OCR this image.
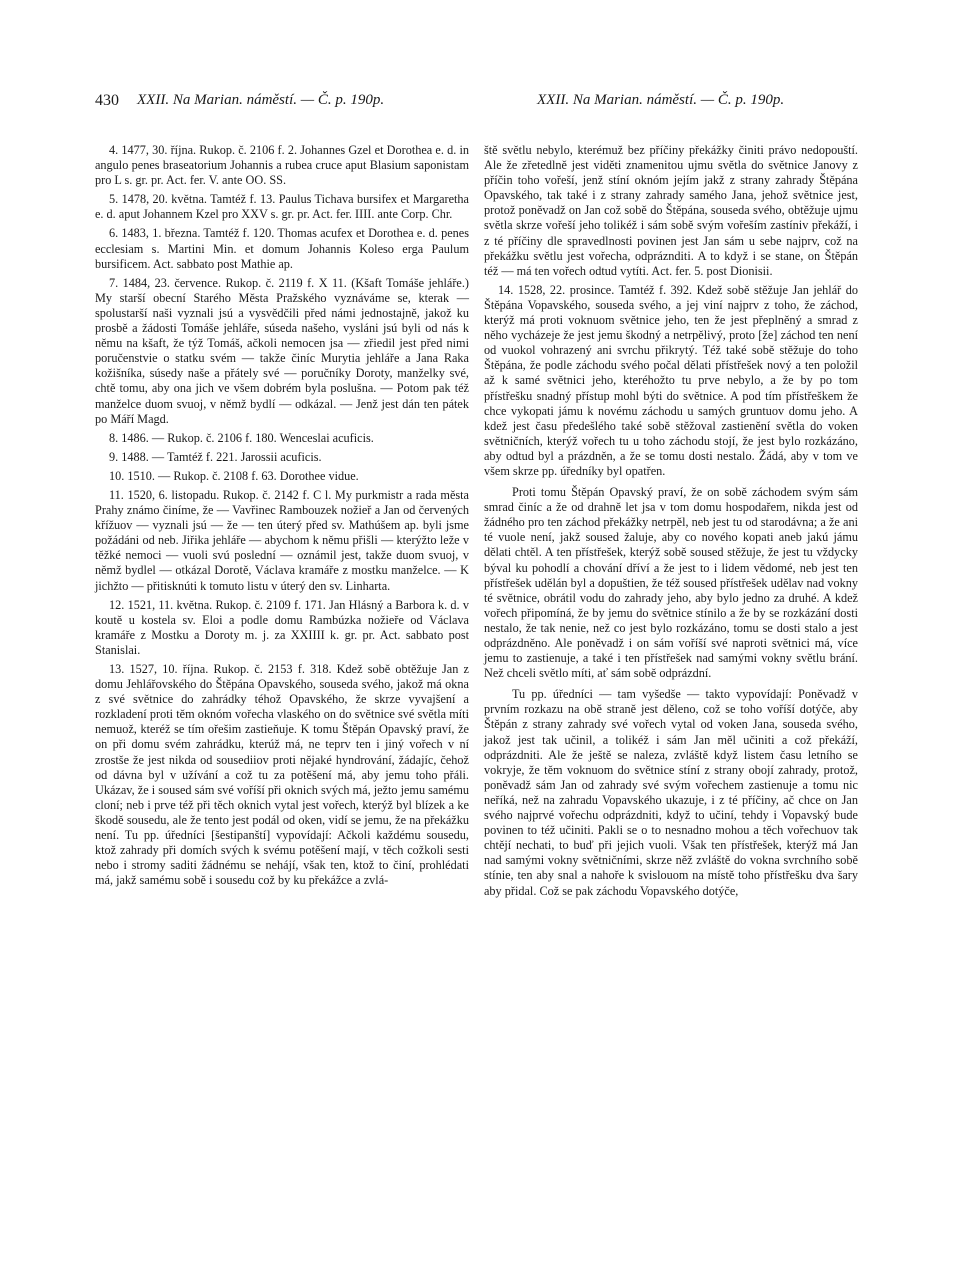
430 XXII. Na Marian. náměstí. — Č. p. 190p.	XXII. Na Marian. náměstí. — Č. p. 190p.

4. 1477, 30. října. Rukop. č. 2106 f. 2. Johannes Gzel et Dorothea e. d. in angulo penes braseatorium Johannis a rubea cruce aput Blasium saponistam pro L s. gr. pr. Act. fer. V. ante OO. SS.

5. 1478, 20. května. Tamtéž f. 13. Paulus Tichava bursifex et Margaretha e. d. aput Johannem Kzel pro XXV s. gr. pr. Act. fer. IIII. ante Corp. Chr.

6. 1483, 1. března. Tamtéž f. 120. Thomas acufex et Dorothea e. d. penes ecclesiam s. Martini Min. et domum Johannis Koleso erga Paulum bursificem. Act. sabbato post Mathie ap.

7. 1484, 23. července. Rukop. č. 2119 f. X 11. (Kšaft Tomáše jehláře.) My starší obecní Starého Města Pražského vyznáváme se, kterak — spolustarší naši vyznali jsú a vysvědčili před námi jednostajně, jakož ku prosbě a žádosti Tomáše jehláře, súseda našeho, vysláni jsú byli od nás k němu na kšaft, že týž Tomáš, ačkoli nemocen jsa — zřiedil jest před nimi poručenstvie o statku svém — takže činíc Murytia jehláře a Jana Raka kožišníka, súsedy naše a přátely své — poručníky Doroty, manželky své, chtě tomu, aby ona jich ve všem dobrém byla poslušna. — Potom pak též manželce duom svuoj, v němž bydlí — odkázal. — Jenž jest dán ten pátek po Máří Magd.

8. 1486. — Rukop. č. 2106 f. 180. Wenceslai acuficis.

9. 1488. — Tamtéž f. 221. Jarossii acuficis.

10. 1510. — Rukop. č. 2108 f. 63. Dorothee vidue.

11. 1520, 6. listopadu. Rukop. č. 2142 f. C l. My purkmistr a rada města Prahy známo činíme, že — Vavřinec Rambouzek nožieř a Jan od červených křížuov — vyznali jsú — že — ten úterý před sv. Mathúšem ap. byli jsme požádáni od neb. Jiřika jehláře — abychom k němu přišli — kterýžto leže v těžké nemoci — vuoli svú poslední — oznámil jest, takže duom svuoj, v němž bydlel — otkázal Dorotě, Václava kramáře z mostku manželce. — K jichžto — přitisknúti k tomuto listu v úterý den sv. Linharta.

12. 1521, 11. května. Rukop. č. 2109 f. 171. Jan Hlásný a Barbora k. d. v koutě u kostela sv. Eloi a podle domu Rambúzka nožieře od Václava kramáře z Mostku a Doroty m. j. za XXIIII k. gr. pr. Act. sabbato post Stanislai.

13. 1527, 10. října. Rukop. č. 2153 f. 318. Kdež sobě obtěžuje Jan z domu Jehlářovského do Štěpána Opavského, souseda svého, jakož má okna z své světnice do zahrádky téhož Opavského, že skrze vyvajšení a rozkladení proti těm oknóm vořecha vlaského on do světnice své světla míti nemuož, kteréž se tím ořešim zastieňuje. K tomu Štěpán Opavský praví, že on při domu svém zahrádku, kterúž má, ne teprv ten i jiný vořech v ní zrostše že jest nikda od sousediiov proti nějaké hyndrování, žádajíc, čehož od dávna byl v užívání a což tu za potěšení má, aby jemu toho přáli. Ukázav, že i soused sám své voříší při oknich svých má, ježto jemu samému cloní; neb i prve též při těch oknich vytal jest vořech, kterýž byl blízek a ke škodě sousedu, ale že tento jest podál od oken, vidí se jemu, že na překážku není. Tu pp. úředníci [šestipanští] vypovídají: Ačkoli každému sousedu, ktož zahrady při domích svých k svému potěšení mají, v těch cožkoli sesti nebo i stromy saditi žádnému se nehájí, však ten, ktož to činí, prohlédati má, jakž samému sobě i sousedu což by ku překážce a zvlá-

ště světlu nebylo, kterémuž bez příčiny překážky činiti právo nedopouští. Ale že zřetedlně jest viděti znamenitou ujmu světla do světnice Janovy z příčin toho vořeší, jenž stíní oknóm jejím jakž z strany zahrady Štěpána Opavského, tak také i z strany zahrady samého Jana, jehož světnice jest, protož poněvadž on Jan což sobě do Štěpána, souseda svého, obtěžuje ujmu světla skrze vořeší jeho tolikéž i sám sobě svým vořeším zastíniv překáží, i z té příčiny dle spravedlnosti povinen jest Jan sám u sebe najprv, což na překážku světlu jest vořecha, odpráznditi. A to když i se stane, on Štěpán též — má ten vořech odtud vytíti. Act. fer. 5. post Dionisii.

14. 1528, 22. prosince. Tamtéž f. 392. Kdež sobě stěžuje Jan jehlář do Štěpána Vopavského, souseda svého, a jej viní najprv z toho, že záchod, kterýž má proti voknuom světnice jeho, ten že jest přeplněný a smrad z něho vycházeje že jest jemu škodný a netrpělivý, proto [že] záchod ten není od vuokol vohrazený ani svrchu přikrytý. Též také sobě stěžuje do toho Štěpána, že podle záchodu svého počal dělati přístřešek nový a ten položil až k samé světnici jeho, kteréhožto tu prve nebylo, a že by po tom přístřešku snadný přístup mohl býti do světnice. A pod tím přístřeškem že chce vykopati jámu k novému záchodu u samých gruntuov domu jeho. A kdež jest času předešlého také sobě stěžoval zastienění světla do voken světničních, kterýž vořech tu u toho záchodu stojí, že jest bylo rozkázáno, aby odtud byl a prázdněn, a že se tomu dosti nestalo. Žádá, aby v tom ve všem skrze pp. úředníky byl opatřen.

Proti tomu Štěpán Opavský praví, že on sobě záchodem svým sám smrad činíc a že od drahně let jsa v tom domu hospodařem, nikda jest od žádného pro ten záchod překážky netrpěl, neb jest tu od starodávna; a že ani té vuole není, jakž soused žaluje, aby co nového kopati aneb jakú jámu dělati chtěl. A ten přístřešek, kterýž sobě soused stěžuje, že jest tu vždycky býval ku pohodlí a chování dříví a že jest to i lidem vědomé, neb jest ten přístřešek udělán byl a dopuštien, že též soused přístřešek udělav nad vokny té světnice, obrátil vodu do zahrady jeho, aby bylo jedno za druhé. A kdež vořech připomíná, že by jemu do světnice stínilo a že by se rozkázání dosti nestalo, že tak nenie, než co jest bylo rozkázáno, tomu se dosti stalo a jest odprázdněno. Ale poněvadž i on sám voříší své naproti světnici má, více jemu to zastienuje, a také i ten přístřešek nad samými vokny světlu brání. Než chceli světlo míti, ať sám sobě odprázdní.

Tu pp. úředníci — tam vyšedše — takto vypovídají: Poněvadž v prvním rozkazu na obě straně jest děleno, což se toho voříší dotýče, aby Štěpán z strany zahrady své vořech vytal od voken Jana, souseda svého, jakož jest tak učinil, a tolikéž i sám Jan měl učiniti a což překáží, odprázdniti. Ale že ještě se naleza, zvláště když listem času letního se vokryje, že těm voknuom do světnice stíní z strany obojí zahrady, protož, poněvadž sám Jan od zahrady své svým vořechem zastienuje a tomu nic neříká, než na zahradu Vopavského ukazuje, i z té příčiny, ač chce on Jan svého najprvé vořechu odprázdniti, když to učiní, tehdy i Vopavský bude povinen to též učiniti. Pakli se o to nesnadno mohou a těch vořechuov tak chtějí nechati, to buď při jejich vuoli. Však ten přístřešek, kterýž má Jan nad samými vokny světničními, skrze něž zvláště do vokna svrchního sobě stínie, ten aby snal a nahoře k svislouom na místě toho přístřešku dva šary aby přidal. Což se pak záchodu Vopavského dotýče,
